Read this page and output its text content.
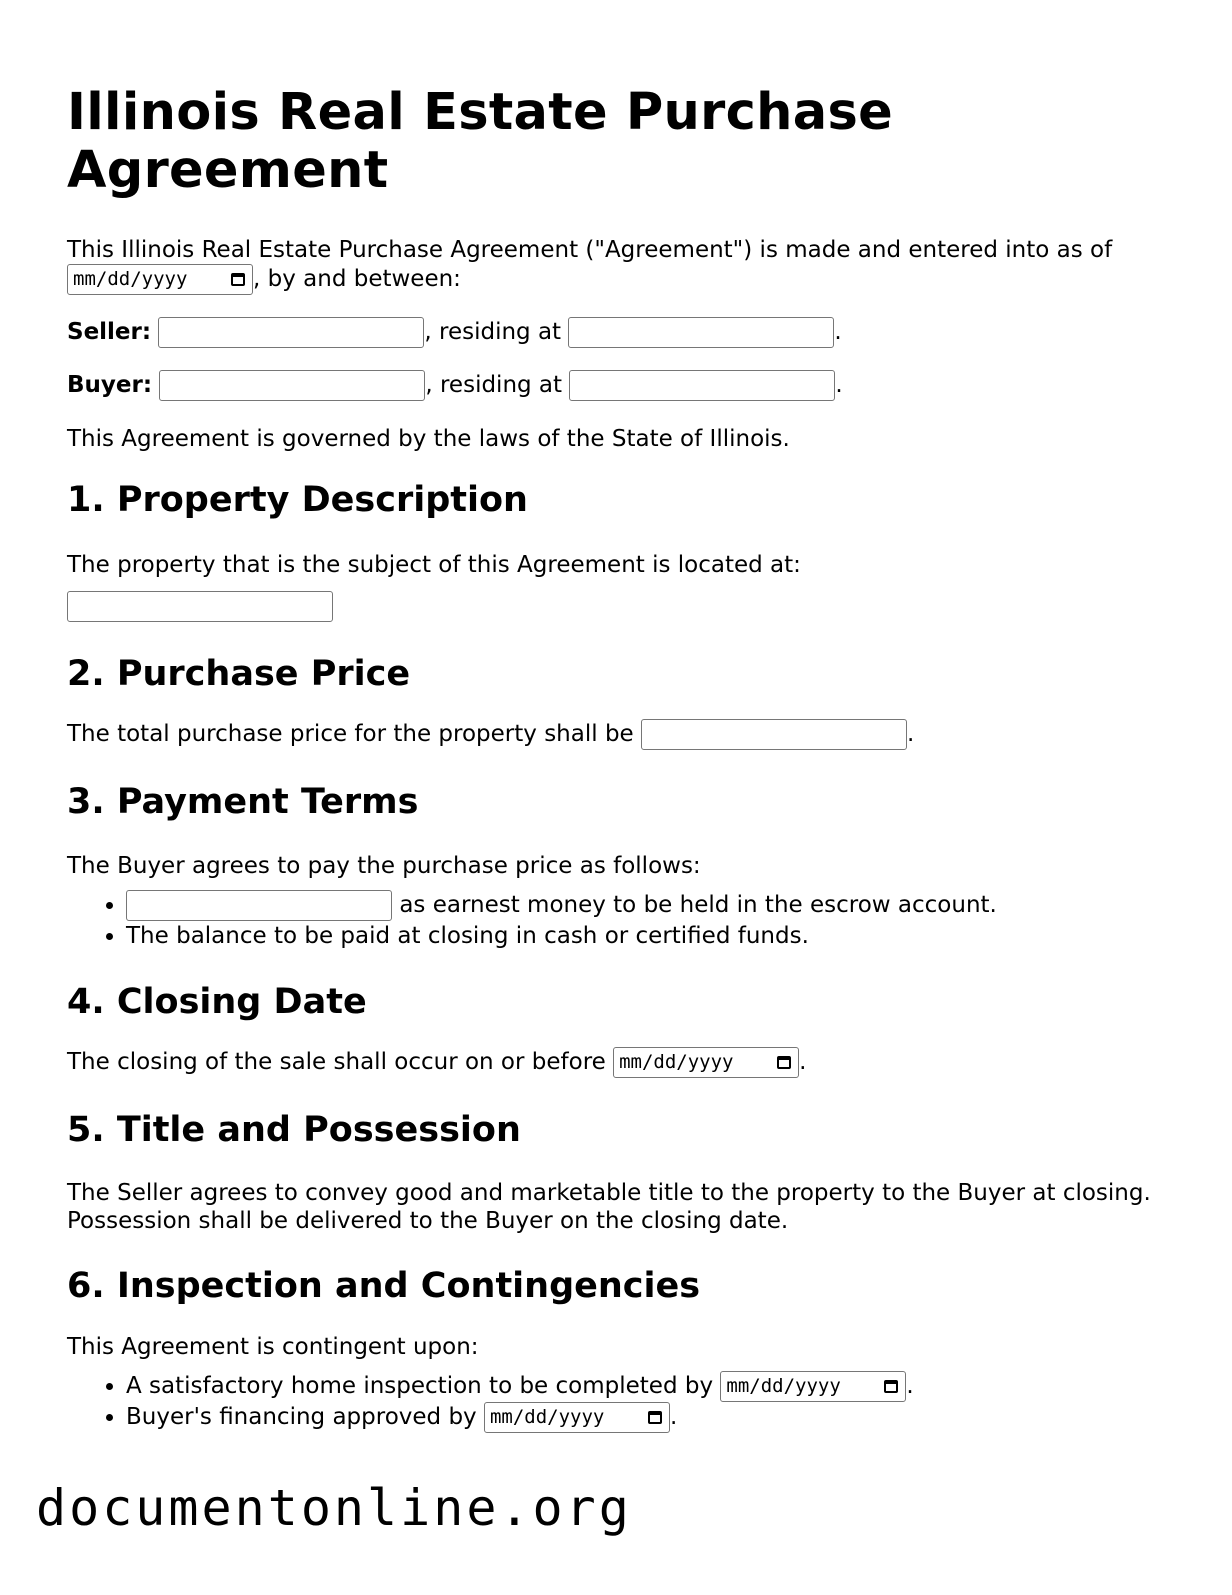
Illinois Real Estate Purchase Agreement

This Illinois Real Estate Purchase Agreement ("Agreement") is made and entered into as of
mm/dd/yyyy	, by and between:

Seller:	, residing at	.
Buyer:	, residing at	.

This Agreement is governed by the laws of the State of Illinois.

1. Property Description

The property that is the subject of this Agreement is located at:

2. Purchase Price

The total purchase price for the property shall be	.

3. Payment Terms

The Buyer agrees to pay the purchase price as follows:

• as earnest money to be held in the escrow account.
• The balance to be paid at closing in cash or certified funds.
4. Closing Date

The closing of the sale shall occur on or before mm/dd/yyyy	.

5. Title and Possession

The Seller agrees to convey good and marketable title to the property to the Buyer at closing. Possession shall be delivered to the Buyer on the closing date.

6. Inspection and Contingencies

This Agreement is contingent upon:

• A satisfactory home inspection to be completed by mm/dd/yyyy	.
• Buyer's financing approved by mm/dd/yyyy	.
documentonline.org
